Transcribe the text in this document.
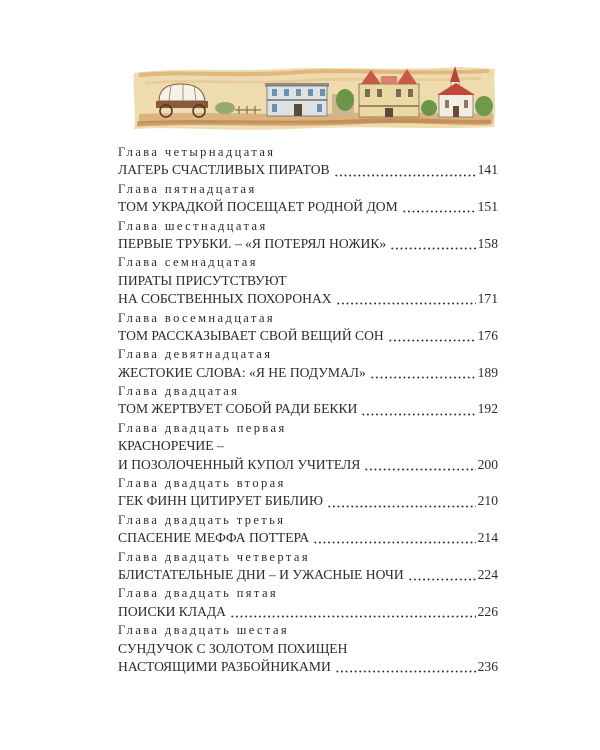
Глава четырнадцатая
ЛАГЕРЬ СЧАСТЛИВЫХ ПИРАТОВ	141
Глава пятнадцатая
ТОМ УКРАДКОЙ ПОСЕЩАЕТ РОДНОЙ ДОМ	151
Глава шестнадцатая
ПЕРВЫЕ ТРУБКИ. – «Я ПОТЕРЯЛ НОЖИК»	158
Глава семнадцатая
ПИРАТЫ ПРИСУТСТВУЮТ
НА СОБСТВЕННЫХ ПОХОРОНАХ	171
Глава восемнадцатая
ТОМ РАССКАЗЫВАЕТ СВОЙ ВЕЩИЙ СОН	176
Глава девятнадцатая
ЖЕСТОКИЕ СЛОВА: «Я НЕ ПОДУМАЛ»	189
Глава двадцатая
ТОМ ЖЕРТВУЕТ СОБОЙ РАДИ БЕККИ	192
Глава двадцать первая
КРАСНОРЕЧИЕ –
И ПОЗОЛОЧЕННЫЙ КУПОЛ УЧИТЕЛЯ	200
Глава двадцать вторая
ГЕК ФИНН ЦИТИРУЕТ БИБЛИЮ	210
Глава двадцать третья
СПАСЕНИЕ МЕФФА ПОТТЕРА	214
Глава двадцать четвертая
БЛИСТАТЕЛЬНЫЕ ДНИ – И УЖАСНЫЕ НОЧИ	224
Глава двадцать пятая
ПОИСКИ КЛАДА	226
Глава двадцать шестая
СУНДУЧОК С ЗОЛОТОМ ПОХИЩЕН
НАСТОЯЩИМИ РАЗБОЙНИКАМИ	236
